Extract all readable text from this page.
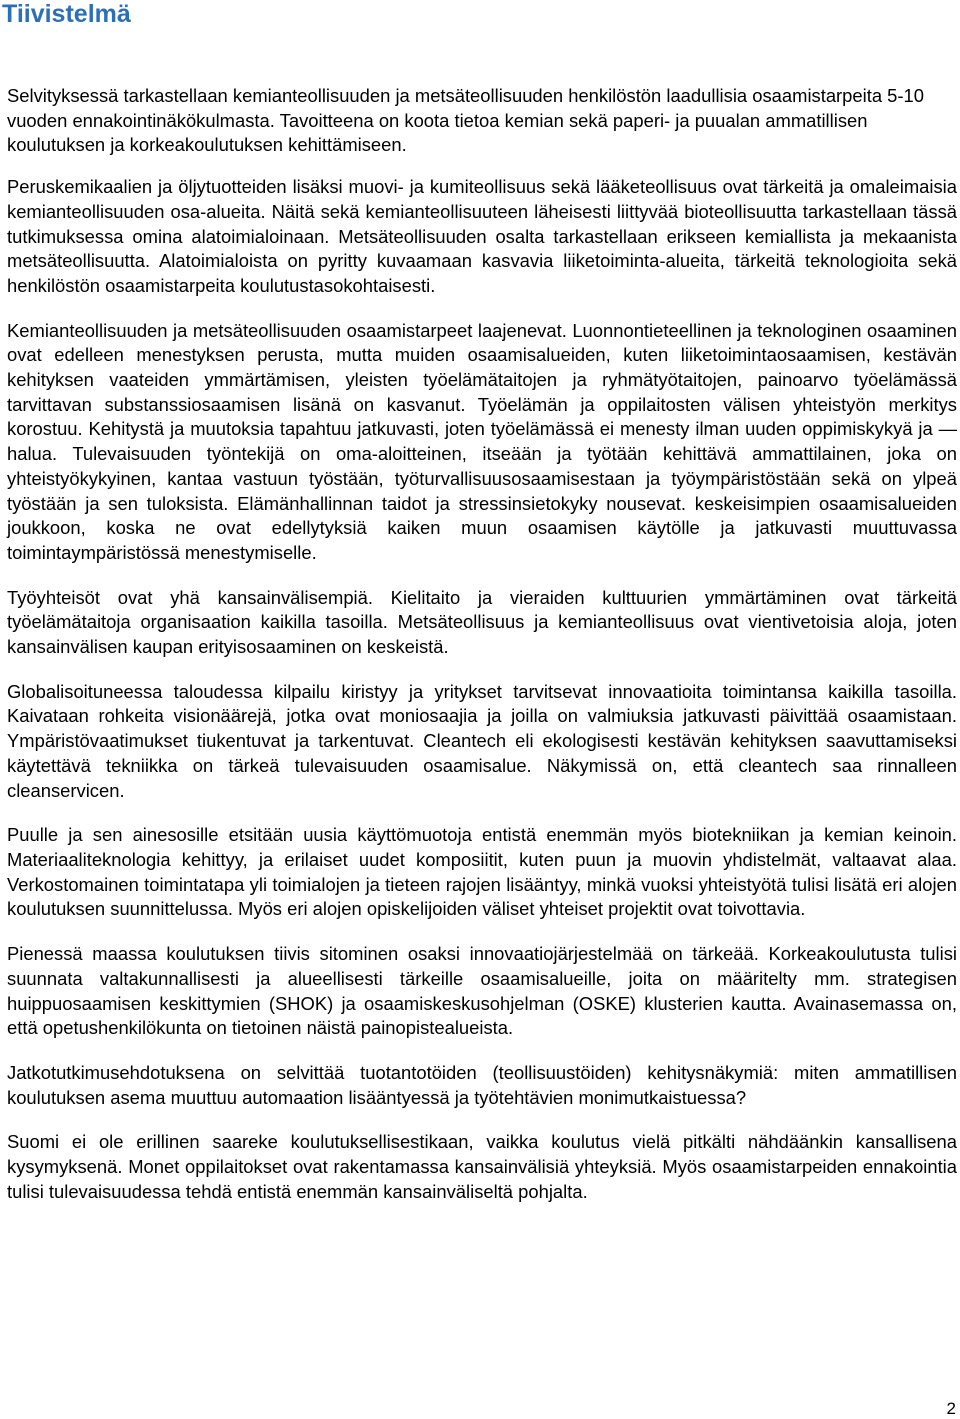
Tiivistelmä

Selvityksessä tarkastellaan kemianteollisuuden ja metsäteollisuuden henkilöstön laadullisia osaamistarpeita 5-10 vuoden ennakointinäkökulmasta. Tavoitteena on koota tietoa kemian sekä paperi- ja puualan ammatillisen koulutuksen ja korkeakoulutuksen kehittämiseen.

Peruskemikaalien ja öljytuotteiden lisäksi muovi- ja kumiteollisuus sekä lääketeollisuus ovat tärkeitä ja omaleimaisia kemianteollisuuden osa-alueita. Näitä sekä kemianteollisuuteen läheisesti liittyvää bioteollisuutta tarkastellaan tässä tutkimuksessa omina alatoimialoinaan. Metsäteollisuuden osalta tarkastellaan erikseen kemiallista ja mekaanista metsäteollisuutta. Alatoimialoista on pyritty kuvaamaan kasvavia liiketoiminta-alueita, tärkeitä teknologioita sekä henkilöstön osaamistarpeita koulutustasokohtaisesti.

Kemianteollisuuden ja metsäteollisuuden osaamistarpeet laajenevat. Luonnontieteellinen ja teknologinen osaaminen ovat edelleen menestyksen perusta, mutta muiden osaamisalueiden, kuten liiketoimintaosaamisen, kestävän kehityksen vaateiden ymmärtämisen, yleisten työelämätaitojen ja ryhmätyötaitojen, painoarvo työelämässä tarvittavan substanssiosaamisen lisänä on kasvanut. Työelämän ja oppilaitosten välisen yhteistyön merkitys korostuu. Kehitystä ja muutoksia tapahtuu jatkuvasti, joten työelämässä ei menesty ilman uuden oppimiskykyä ja —halua. Tulevaisuuden työntekijä on oma-aloitteinen, itseään ja työtään kehittävä ammattilainen, joka on yhteistyökykyinen, kantaa vastuun työstään, työturvallisuusosaamisestaan ja työympäristöstään sekä on ylpeä työstään ja sen tuloksista. Elämänhallinnan taidot ja stressinsietokyky nousevat. keskeisimpien osaamisalueiden joukkoon, koska ne ovat edellytyksiä kaiken muun osaamisen käytölle ja jatkuvasti muuttuvassa toimintaympäristössä menestymiselle.

Työyhteisöt ovat yhä kansainvälisempiä. Kielitaito ja vieraiden kulttuurien ymmärtäminen ovat tärkeitä työelämätaitoja organisaation kaikilla tasoilla. Metsäteollisuus ja kemianteollisuus ovat vientivetoisia aloja, joten kansainvälisen kaupan erityisosaaminen on keskeistä.

Globalisoituneessa taloudessa kilpailu kiristyy ja yritykset tarvitsevat innovaatioita toimintansa kaikilla tasoilla. Kaivataan rohkeita visionäärejä, jotka ovat moniosaajia ja joilla on valmiuksia jatkuvasti päivittää osaamistaan. Ympäristövaatimukset tiukentuvat ja tarkentuvat. Cleantech eli ekologisesti kestävän kehityksen saavuttamiseksi käytettävä tekniikka on tärkeä tulevaisuuden osaamisalue. Näkymissä on, että cleantech saa rinnalleen cleanservicen.

Puulle ja sen ainesosille etsitään uusia käyttömuotoja entistä enemmän myös biotekniikan ja kemian keinoin. Materiaaliteknologia kehittyy, ja erilaiset uudet komposiitit, kuten puun ja muovin yhdistelmät, valtaavat alaa. Verkostomainen toimintatapa yli toimialojen ja tieteen rajojen lisääntyy, minkä vuoksi yhteistyötä tulisi lisätä eri alojen koulutuksen suunnittelussa. Myös eri alojen opiskelijoiden väliset yhteiset projektit ovat toivottavia.

Pienessä maassa koulutuksen tiivis sitominen osaksi innovaatiojärjestelmää on tärkeää. Korkeakoulutusta tulisi suunnata valtakunnallisesti ja alueellisesti tärkeille osaamisalueille, joita on määritelty mm. strategisen huippuosaamisen keskittymien (SHOK) ja osaamiskeskusohjelman (OSKE) klusterien kautta. Avainasemassa on, että opetushenkilökunta on tietoinen näistä painopistealueista.

Jatkotutkimusehdotuksena on selvittää tuotantotöiden (teollisuustöiden) kehitysnäkymiä: miten ammatillisen koulutuksen asema muuttuu automaation lisääntyessä ja työtehtävien monimutkaistuessa?

Suomi ei ole erillinen saareke koulutuksellisestikaan, vaikka koulutus vielä pitkälti nähdäänkin kansallisena kysymyksenä. Monet oppilaitokset ovat rakentamassa kansainvälisiä yhteyksiä. Myös osaamistarpeiden ennakointia tulisi tulevaisuudessa tehdä entistä enemmän kansainväliseltä pohjalta.

2
